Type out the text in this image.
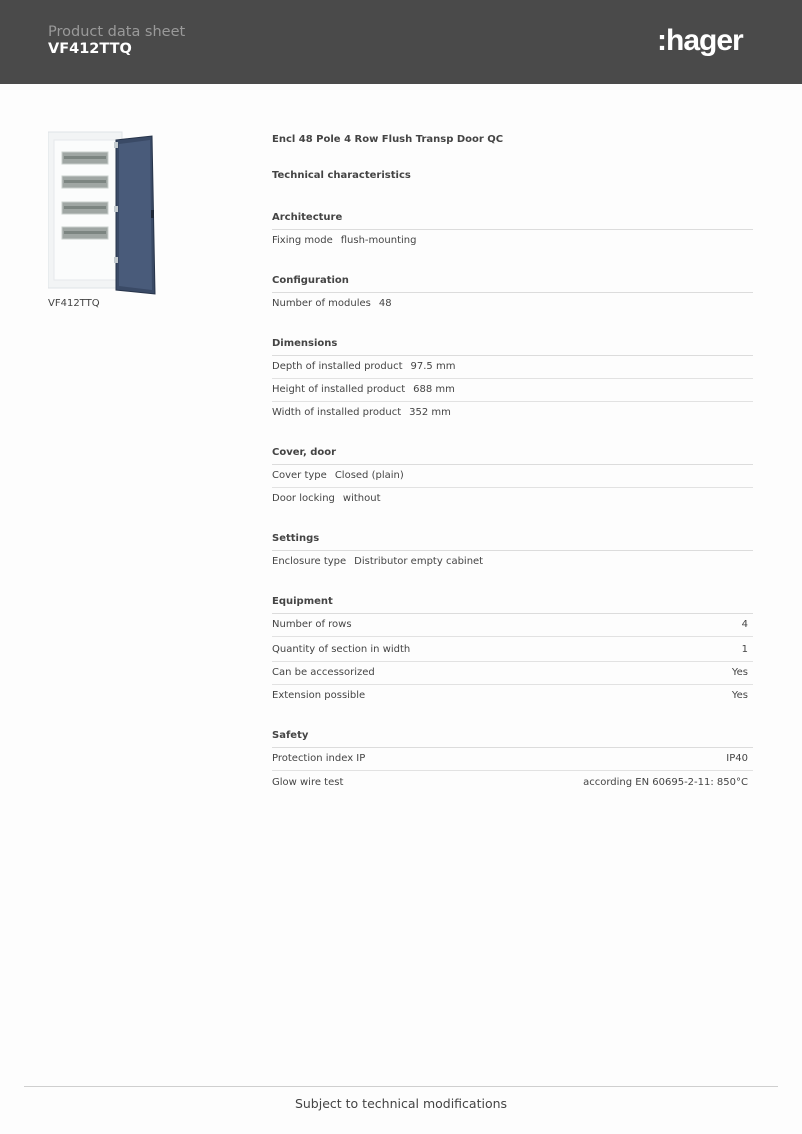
Product data sheet
VF412TTQ	:hager
VF412TTQ
Encl 48 Pole 4 Row Flush Transp Door QC
Technical characteristics
Architecture
Fixing mode flush-mounting
Configuration
Number of modules 48
Dimensions
Depth of installed product 97.5 mm
Height of installed product 688 mm
Width of installed product 352 mm
Cover, door
Cover type Closed (plain)
Door locking without
Settings
Enclosure type Distributor empty cabinet
Equipment
Number of rows	4
Quantity of section in width	1
Can be accessorized	Yes
Extension possible	Yes
Safety
Protection index IP	IP40
Glow wire test	according EN 60695-2-11: 850°C
Subject to technical modifications
